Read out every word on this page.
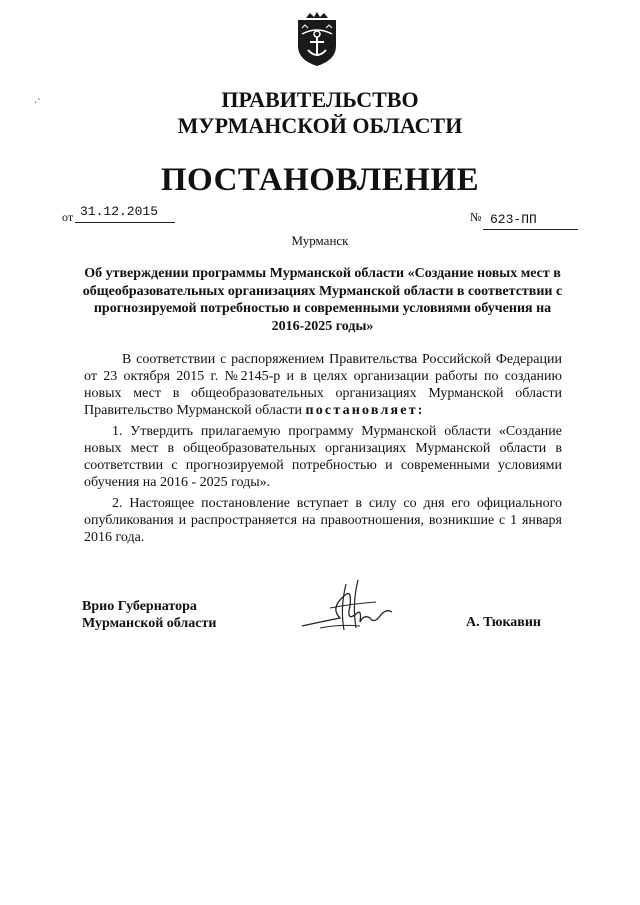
·`	ПРАВИТЕЛЬСТВО
МУРМАНСКОЙ ОБЛАСТИ
ПОСТАНОВЛЕНИЕ
от 31.12.2015	№ 623-ПП
Мурманск
Об утверждении программы Мурманской области «Создание новых мест в общеобразовательных организациях Мурманской области в соответствии с прогнозируемой потребностью и современными условиями обучения на 2016-2025 годы»

В соответствии с распоряжением Правительства Российской Федерации от 23 октября 2015 г. №2145-р и в целях организации работы по созданию новых мест в общеобразовательных организациях Мурманской области Правительство Мурманской области постановляет:

1. Утвердить прилагаемую программу Мурманской области «Создание новых мест в общеобразовательных организациях Мурманской области в соответствии с прогнозируемой потребностью и современными условиями обучения на 2016 - 2025 годы».

2. Настоящее постановление вступает в силу со дня его официального опубликования и распространяется на правоотношения, возникшие с 1 января 2016 года.

Врио Губернатора
Мурманской области	А. Тюкавин
